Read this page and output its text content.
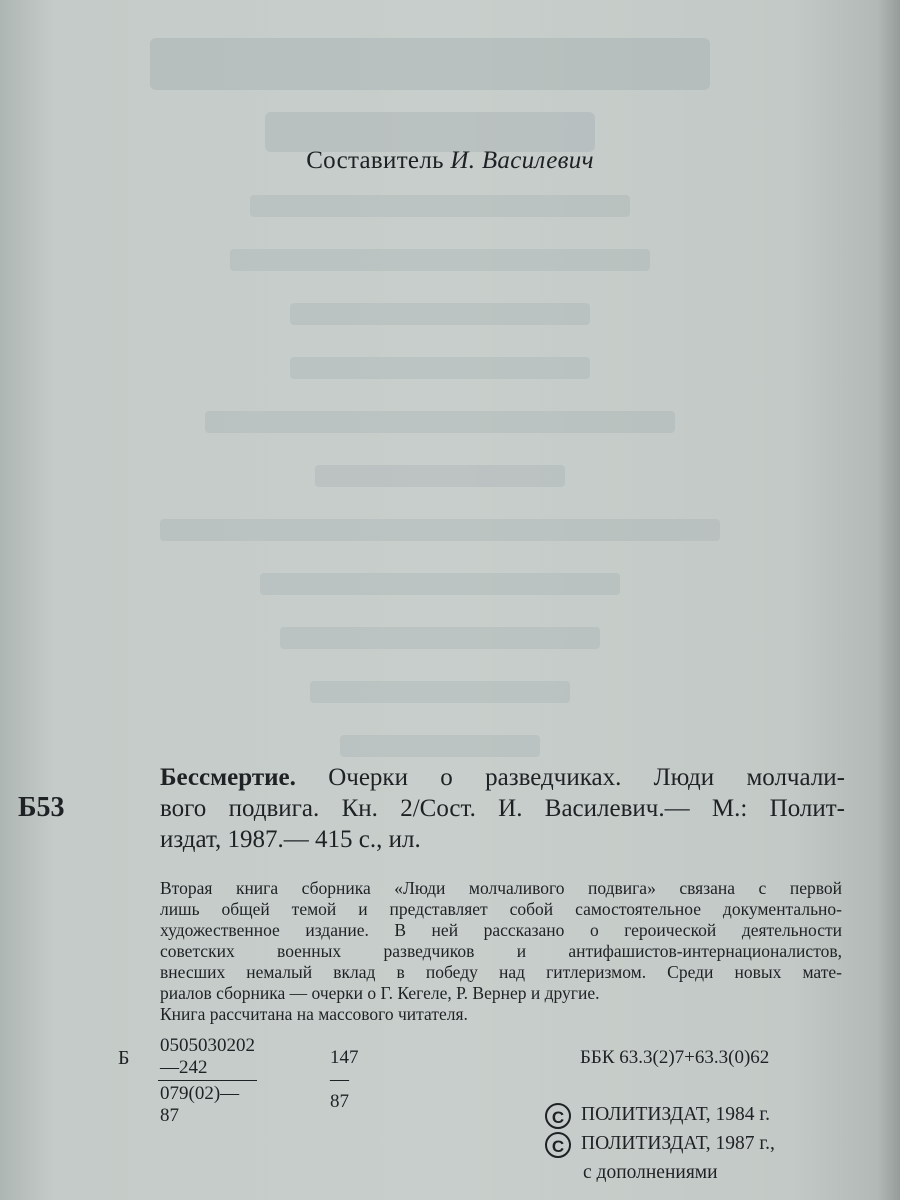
Составитель И. Василевич
Б53
Бессмертие. Очерки о разведчиках. Люди молчали-
вого подвига. Кн. 2/Сост. И. Василевич.— М.: Полит-
издат, 1987.— 415 с., ил.
Вторая книга сборника «Люди молчаливого подвига» связана с первой
лишь общей темой и представляет собой самостоятельное документально-
художественное издание. В ней рассказано о героической деятельности
советских военных разведчиков и антифашистов-интернационалистов,
внесших немалый вклад в победу над гитлеризмом. Среди новых мате-
риалов сборника — очерки о Г. Кегеле, Р. Вернер и другие.
Книга рассчитана на массового читателя.
Б $\frac{0505030202—242}{079(02)—87}$	147—87
ББК 63.3(2)7+63.3(0)62
C ПОЛИТИЗДАТ, 1984 г.
C ПОЛИТИЗДАТ, 1987 г.,
с дополнениями
